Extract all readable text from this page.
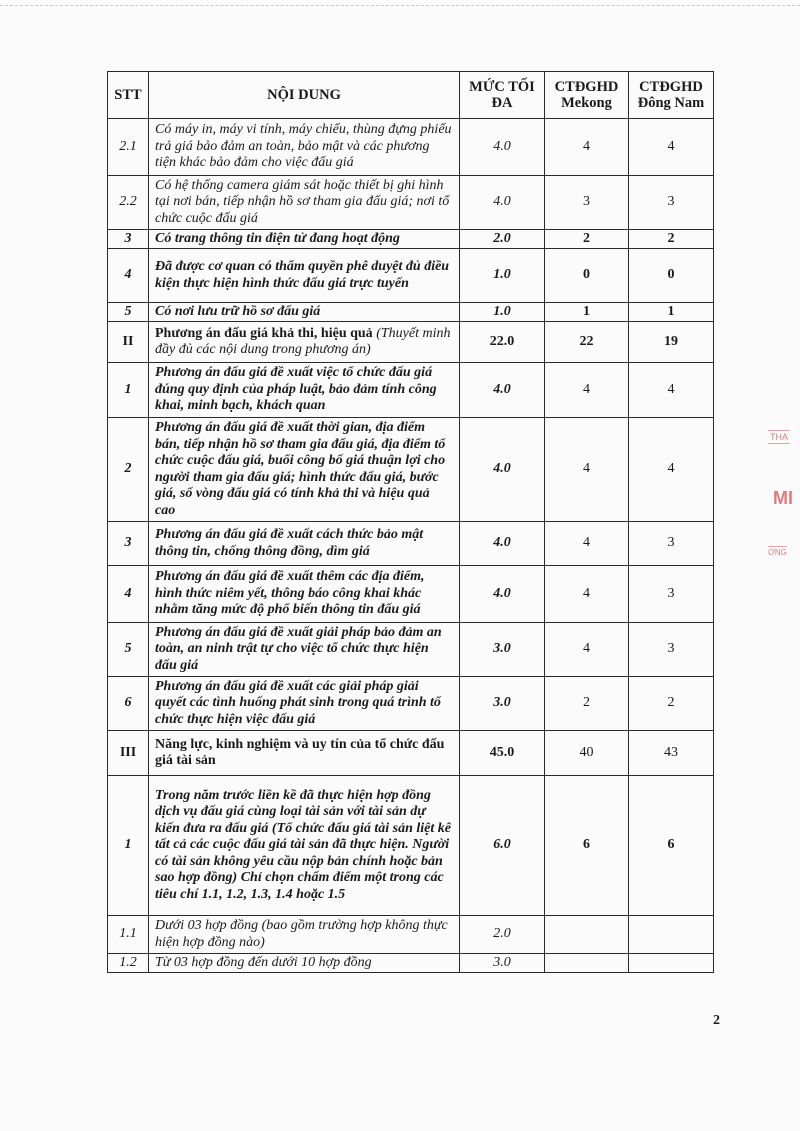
STT	NỘI DUNG	MỨC TỐI ĐA	CTĐGHD Mekong	CTĐGHD Đông Nam
2.1	Có máy in, máy vi tính, máy chiếu, thùng đựng phiếu trả giá bảo đảm an toàn, bảo mật và các phương tiện khác bảo đảm cho việc đấu giá	4.0	4	4
2.2	Có hệ thống camera giám sát hoặc thiết bị ghi hình tại nơi bán, tiếp nhận hồ sơ tham gia đấu giá; nơi tổ chức cuộc đấu giá	4.0	3	3
3	Có trang thông tin điện tử đang hoạt động	2.0	2	2
4	Đã được cơ quan có thẩm quyền phê duyệt đủ điều kiện thực hiện hình thức đấu giá trực tuyến	1.0	0	0
5	Có nơi lưu trữ hồ sơ đấu giá	1.0	1	1
II	Phương án đấu giá khả thi, hiệu quả (Thuyết minh đầy đủ các nội dung trong phương án)	22.0	22	19
1	Phương án đấu giá đề xuất việc tổ chức đấu giá đúng quy định của pháp luật, bảo đảm tính công khai, minh bạch, khách quan	4.0	4	4
2	Phương án đấu giá đề xuất thời gian, địa điểm bán, tiếp nhận hồ sơ tham gia đấu giá, địa điểm tổ chức cuộc đấu giá, buổi công bố giá thuận lợi cho người tham gia đấu giá; hình thức đấu giá, bước giá, số vòng đấu giá có tính khả thi và hiệu quả cao	4.0	4	4
3	Phương án đấu giá đề xuất cách thức bảo mật thông tin, chống thông đồng, dìm giá	4.0	4	3
4	Phương án đấu giá đề xuất thêm các địa điểm, hình thức niêm yết, thông báo công khai khác nhằm tăng mức độ phổ biến thông tin đấu giá	4.0	4	3
5	Phương án đấu giá đề xuất giải pháp bảo đảm an toàn, an ninh trật tự cho việc tổ chức thực hiện đấu giá	3.0	4	3
6	Phương án đấu giá đề xuất các giải pháp giải quyết các tình huống phát sinh trong quá trình tổ chức thực hiện việc đấu giá	3.0	2	2
III	Năng lực, kinh nghiệm và uy tín của tổ chức đấu giá tài sản	45.0	40	43
1	Trong năm trước liền kề đã thực hiện hợp đồng dịch vụ đấu giá cùng loại tài sản với tài sản dự kiến đưa ra đấu giá (Tổ chức đấu giá tài sản liệt kê tất cả các cuộc đấu giá tài sản đã thực hiện. Người có tài sản không yêu cầu nộp bản chính hoặc bản sao hợp đồng) Chỉ chọn chấm điểm một trong các tiêu chí 1.1, 1.2, 1.3, 1.4 hoặc 1.5	6.0	6	6
1.1	Dưới 03 hợp đồng (bao gồm trường hợp không thực hiện hợp đồng nào)	2.0		
1.2	Từ 03 hợp đồng đến dưới 10 hợp đồng	3.0		
2
THA
MI
ƠNG
